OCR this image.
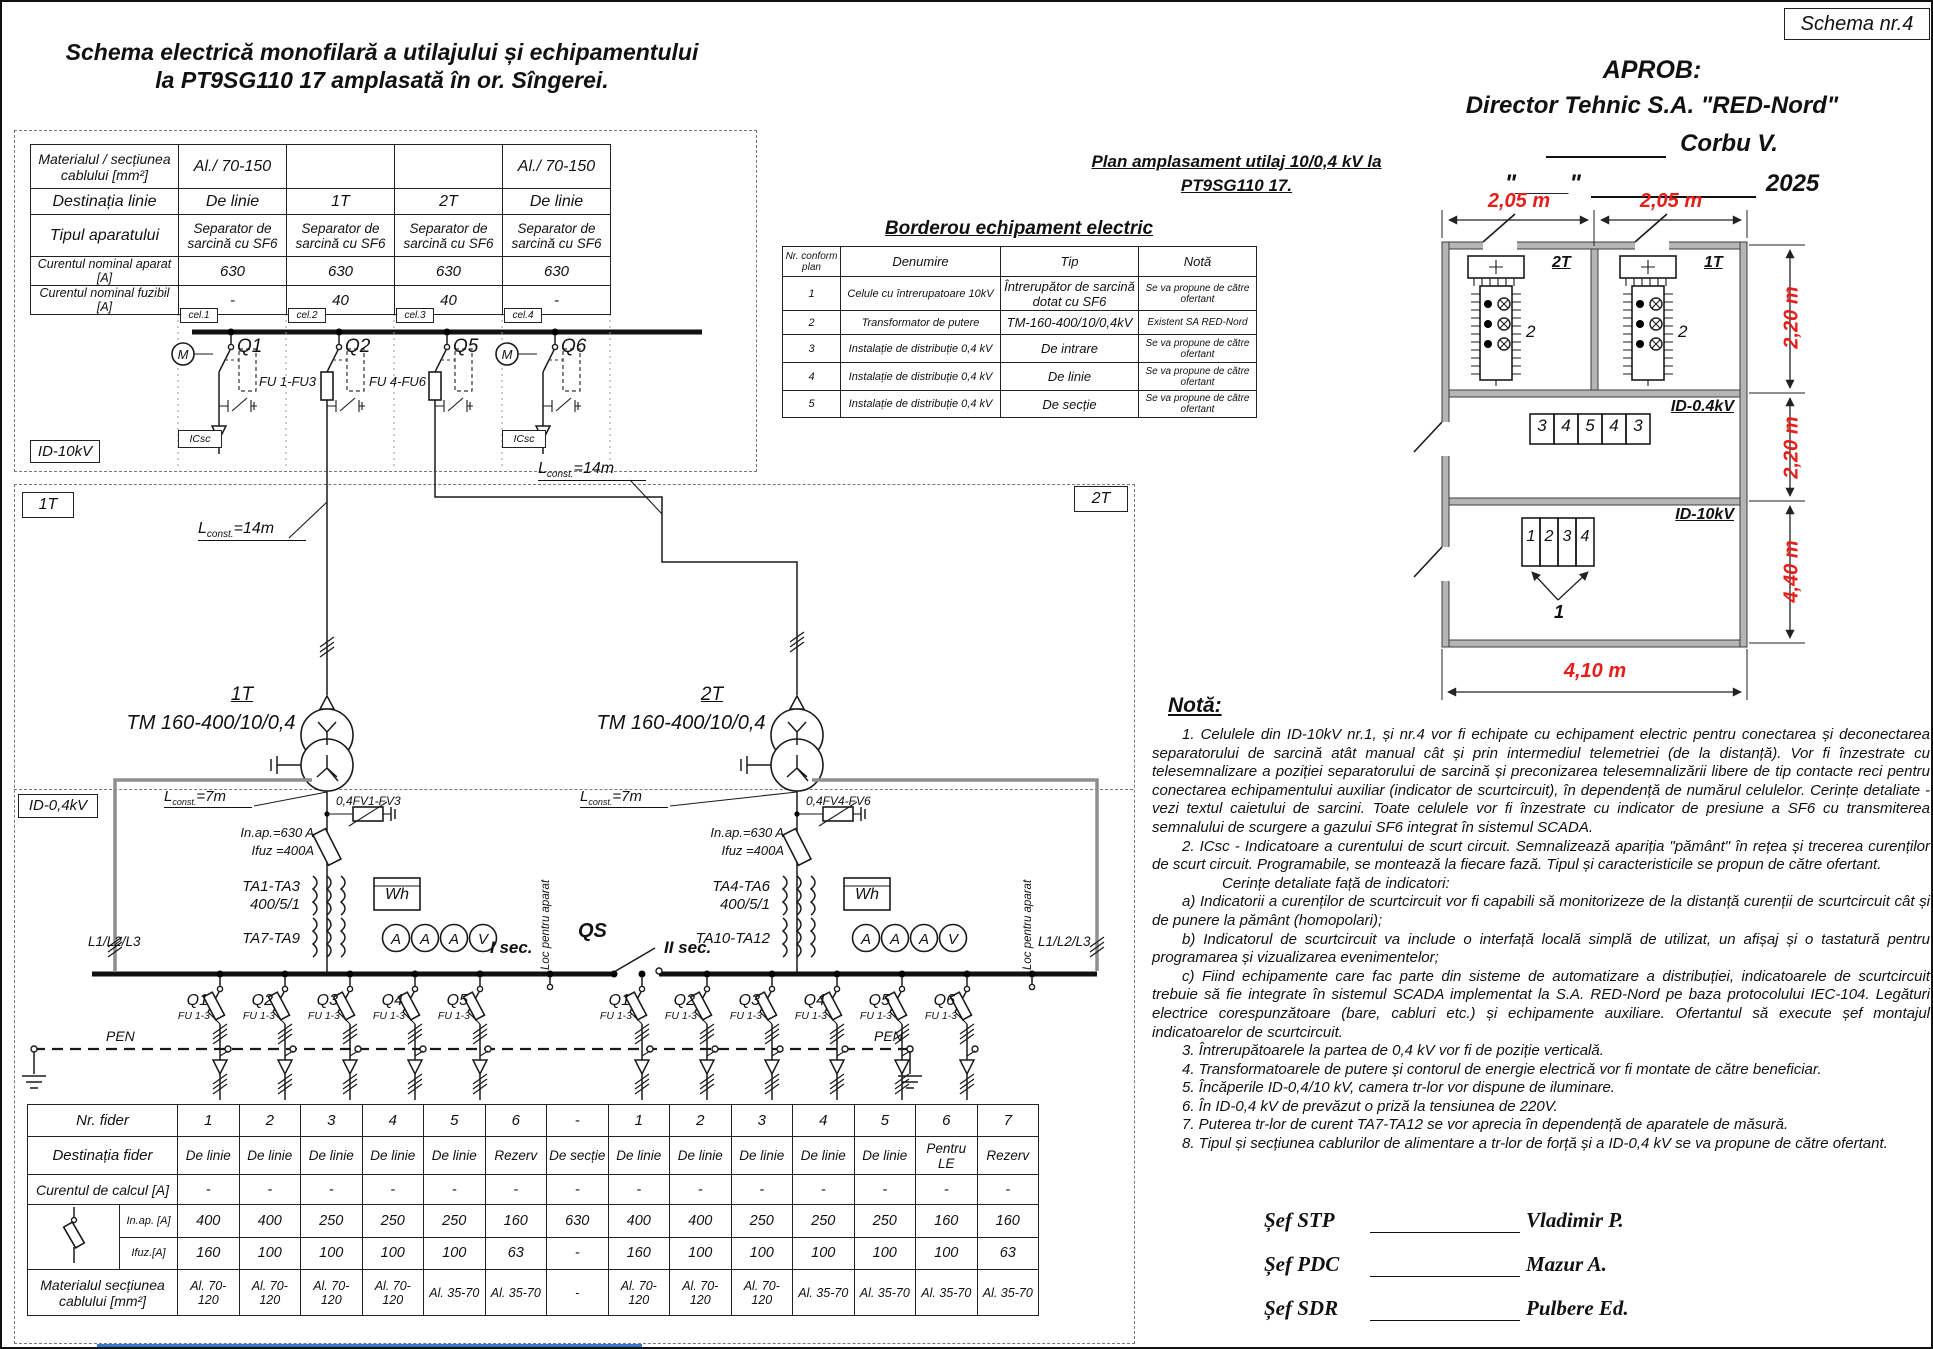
M	M
A A A V	A A A V
Schema nr.4
Schema electrică monofilară a utilajului și echipamentului
la PT9SG110 17 amplasată în or. Sîngerei.	APROB:
Director Tehnic S.A. "RED-Nord"
Corbu V.
"____"	2025
Plan amplasament utilaj 10/0,4 kV la
PT9SG110 17.
Materialul / secțiunea cablului [mm²]	Al./ 70-150			Al./ 70-150
Destinația linie	De linie	1T	2T	De linie
Tipul aparatului	Separator de sarcină cu SF6	Separator de sarcină cu SF6	Separator de sarcină cu SF6	Separator de sarcină cu SF6
Curentul nominal aparat [A]	630	630	630	630
Curentul nominal fuzibil [A]	-	40	40	-
cel.1	cel.2	cel.3	cel.4
Q1	Q2	Q5	Q6
FU 1-FU3	FU 4-FU6
ICsc	ICsc
ID-10kV
1T	2T
$L_{const.}=14m$
$L_{const.}=14m$
1T
TM 160-400/10/0,4
2T
TM 160-400/10/0,4
ID-0,4kV
$L_{const.}=7m$	$L_{const.}=7m$
0,4FV1-FV3	0,4FV4-FV6
In.ap.=630 A
Ifuz =400A
In.ap.=630 A
Ifuz =400A
TA1-TA3
400/5/1
TA7-TA9
TA4-TA6
400/5/1
TA10-TA12
Wh	Wh
I sec.	II sec.
QS
L1/L2/L3	L1/L2/L3
Loc pentru aparat	Loc pentru aparat
PEN	PEN
Q1
FU 1-3
Q2
FU 1-3
Q3
FU 1-3
Q4
FU 1-3
Q5
FU 1-3
Q1
FU 1-3
Q2
FU 1-3
Q3
FU 1-3
Q4
FU 1-3
Q5
FU 1-3
Q6
FU 1-3
Borderou echipament electric
Nr. conform plan	Denumire	Tip	Notă
1	Celule cu întrerupatoare 10kV	Întrerupător de sarcină dotat cu SF6	Se va propune de către ofertant
2	Transformator de putere	TM-160-400/10/0,4kV	Existent SA RED-Nord
3	Instalație de distribuție 0,4 kV	De intrare	Se va propune de către ofertant
4	Instalație de distribuție 0,4 kV	De linie	Se va propune de către ofertant
5	Instalație de distribuție 0,4 kV	De secție	Se va propune de către ofertant
2,05 m	2,05 m
2,20 m
2,20 m
4,40 m
4,10 m
2T	1T
ID-0.4kV
ID-10kV
2	2
3 4 5 4 3
1 2 3 4
1
Nr. fider		1	2	3	4	5	6	-	1	2	3	4	5	6	7
Destinația fider		De linie	De linie	De linie	De linie	De linie	Rezerv	De secție	De linie	De linie	De linie	De linie	De linie	Pentru LE	Rezerv
Curentul de calcul [A]		-	-	-	-	-	-	-	-	-	-	-	-	-	-
	In.ap. [A]	400	400	250	250	250	160	630	400	400	250	250	250	160	160
	Ifuz.[A]	160	100	100	100	100	63	-	160	100	100	100	100	100	63
Materialul secțiunea cablului [mm²]		Al. 70-120	Al. 70-120	Al. 70-120	Al. 70-120	Al. 35-70	Al. 35-70	-	Al. 70-120	Al. 70-120	Al. 70-120	Al. 35-70	Al. 35-70	Al. 35-70	Al. 35-70
Notă:

1. Celulele din ID-10kV nr.1, și nr.4 vor fi echipate cu echipament electric pentru conectarea și deconectarea separatorului de sarcină atât manual cât și prin intermediul telemetriei (de la distanță). Vor fi înzestrate cu telesemnalizare a poziției separatorului de sarcină și preconizarea telesemnalizării libere de tip contacte reci pentru conectarea echipamentului auxiliar (indicator de scurtcircuit), în dependență de numărul celulelor. Cerințe detaliate - vezi textul caietului de sarcini. Toate celulele vor fi înzestrate cu indicator de presiune a SF6 cu transmiterea semnalului de scurgere a gazului SF6 integrat în sistemul SCADA.

2. ICsc - Indicatoare a curentului de scurt circuit. Semnalizează apariția "pământ" în rețea și trecerea curenților de scurt circuit. Programabile, se montează la fiecare fază. Tipul și caracteristicile se propun de către ofertant.

Cerințe detaliate față de indicatori:

a) Indicatorii a curenților de scurtcircuit vor fi capabili să monitorizeze de la distanță curenții de scurtcircuit cât și de punere la pământ (homopolari);

b) Indicatorul de scurtcircuit va include o interfață locală simplă de utilizat, un afișaj și o tastatură pentru programarea și vizualizarea evenimentelor;

c) Fiind echipamente care fac parte din sisteme de automatizare a distribuției, indicatoarele de scurtcircuit trebuie să fie integrate în sistemul SCADA implementat la S.A. RED-Nord pe baza protocolului IEC-104. Legături electrice corespunzătoare (bare, cabluri etc.) și echipamente auxiliare. Ofertantul să execute șef montajul indicatoarelor de scurtcircuit.

3. Întrerupătoarele la partea de 0,4 kV vor fi de poziție verticală.

4. Transformatoarele de putere și contorul de energie electrică vor fi montate de către beneficiar.

5. Încăperile ID-0,4/10 kV, camera tr-lor vor dispune de iluminare.

6. În ID-0,4 kV de prevăzut o priză la tensiunea de 220V.

7. Puterea tr-lor de curent TA7-TA12 se vor aprecia în dependență de aparatele de măsură.

8. Tipul și secțiunea cablurilor de alimentare a tr-lor de forță și a ID-0,4 kV se va propune de către ofertant.

Șef STP	Vladimir P.
Șef PDC	Mazur A.
Șef SDR	Pulbere Ed.
